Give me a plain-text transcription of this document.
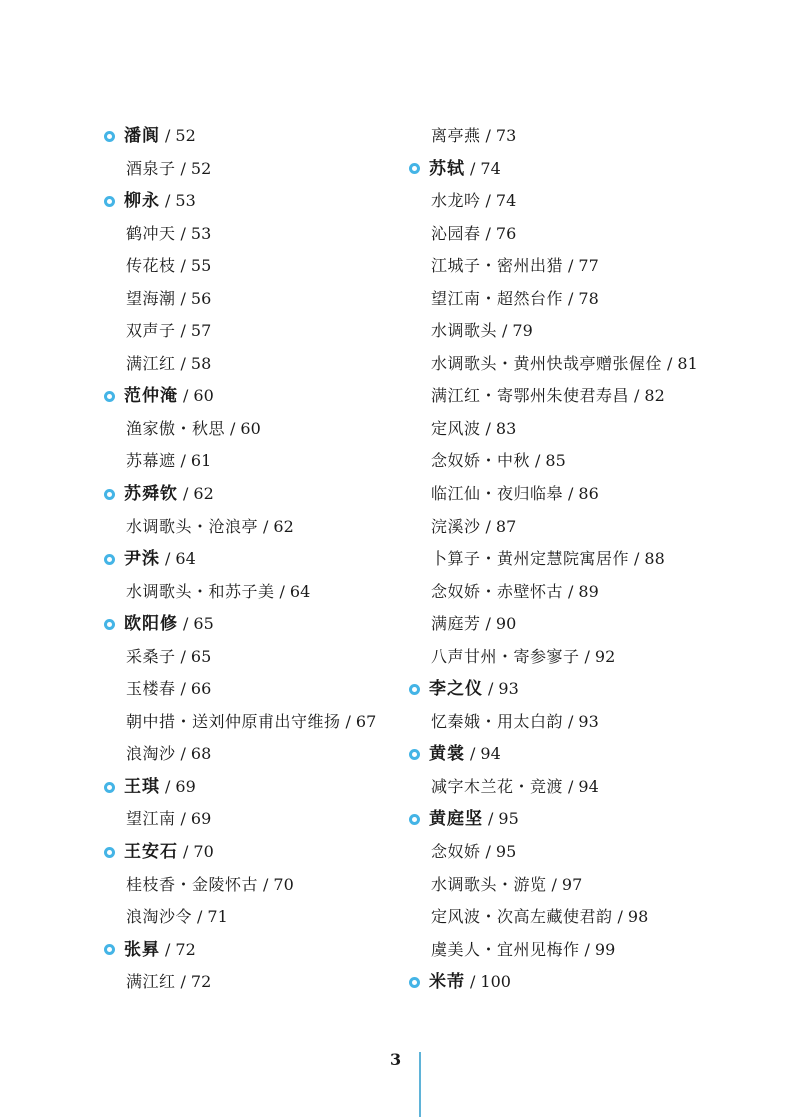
潘阆 / 52
酒泉子 / 52
柳永 / 53
鹤冲天 / 53
传花枝 / 55
望海潮 / 56
双声子 / 57
满江红 / 58
范仲淹 / 60
渔家傲・秋思 / 60
苏幕遮 / 61
苏舜钦 / 62
水调歌头・沧浪亭 / 62
尹洙 / 64
水调歌头・和苏子美 / 64
欧阳修 / 65
采桑子 / 65
玉楼春 / 66
朝中措・送刘仲原甫出守维扬 / 67
浪淘沙 / 68
王琪 / 69
望江南 / 69
王安石 / 70
桂枝香・金陵怀古 / 70
浪淘沙令 / 71
张昪 / 72
满江红 / 72
离亭燕 / 73
苏轼 / 74
水龙吟 / 74
沁园春 / 76
江城子・密州出猎 / 77
望江南・超然台作 / 78
水调歌头 / 79
水调歌头・黄州快哉亭赠张偓佺 / 81
满江红・寄鄂州朱使君寿昌 / 82
定风波 / 83
念奴娇・中秋 / 85
临江仙・夜归临皋 / 86
浣溪沙 / 87
卜算子・黄州定慧院寓居作 / 88
念奴娇・赤壁怀古 / 89
满庭芳 / 90
八声甘州・寄参寥子 / 92
李之仪 / 93
忆秦娥・用太白韵 / 93
黄裳 / 94
减字木兰花・竞渡 / 94
黄庭坚 / 95
念奴娇 / 95
水调歌头・游览 / 97
定风波・次高左藏使君韵 / 98
虞美人・宜州见梅作 / 99
米芾 / 100
3
